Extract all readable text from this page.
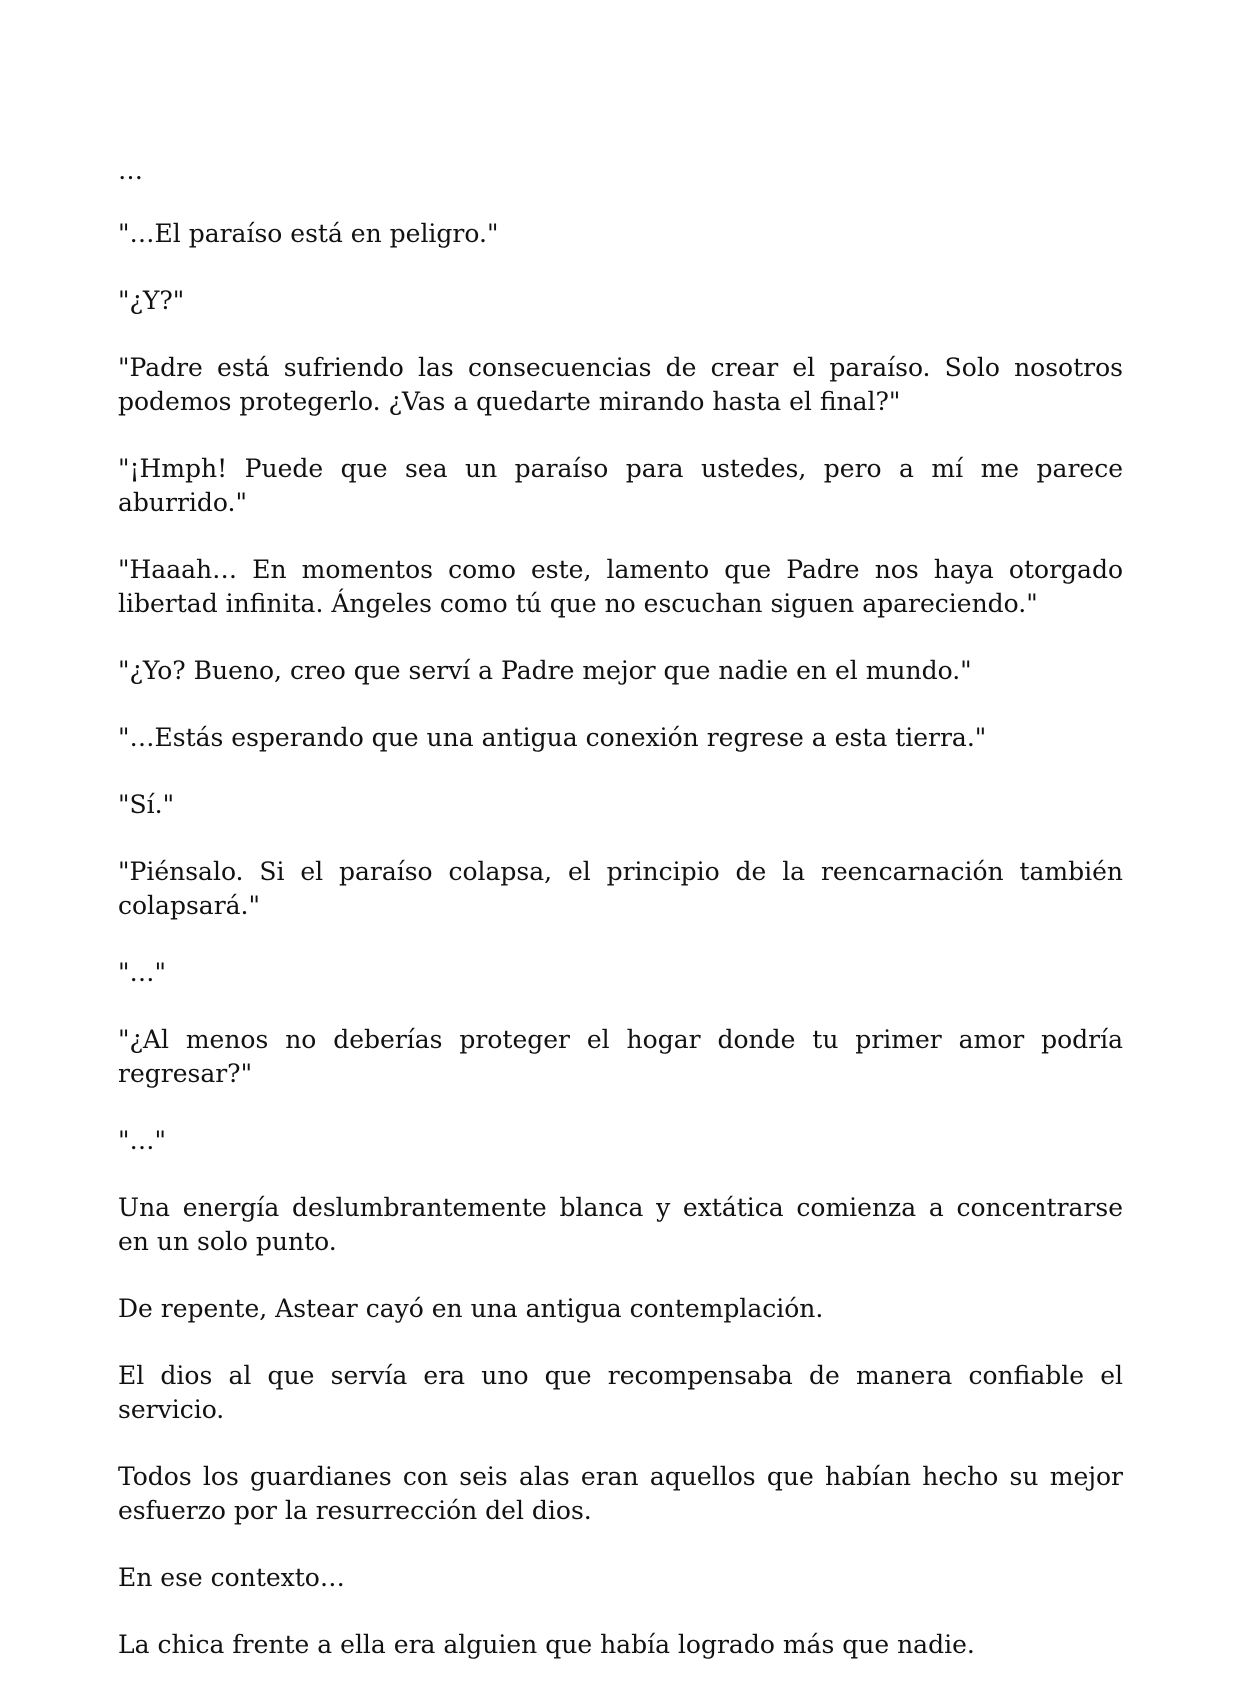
…

"…El paraíso está en peligro."

"¿Y?"

"Padre está sufriendo las consecuencias de crear el paraíso. Solo nosotros podemos protegerlo. ¿Vas a quedarte mirando hasta el final?"

"¡Hmph! Puede que sea un paraíso para ustedes, pero a mí me parece aburrido."

"Haaah… En momentos como este, lamento que Padre nos haya otorgado libertad infinita. Ángeles como tú que no escuchan siguen apareciendo."

"¿Yo? Bueno, creo que serví a Padre mejor que nadie en el mundo."

"…Estás esperando que una antigua conexión regrese a esta tierra."

"Sí."

"Piénsalo. Si el paraíso colapsa, el principio de la reencarnación también colapsará."

"…"

"¿Al menos no deberías proteger el hogar donde tu primer amor podría regresar?"

"…"

Una energía deslumbrantemente blanca y extática comienza a concentrarse en un solo punto.

De repente, Astear cayó en una antigua contemplación.

El dios al que servía era uno que recompensaba de manera confiable el servicio.

Todos los guardianes con seis alas eran aquellos que habían hecho su mejor esfuerzo por la resurrección del dios.

En ese contexto…

La chica frente a ella era alguien que había logrado más que nadie.
